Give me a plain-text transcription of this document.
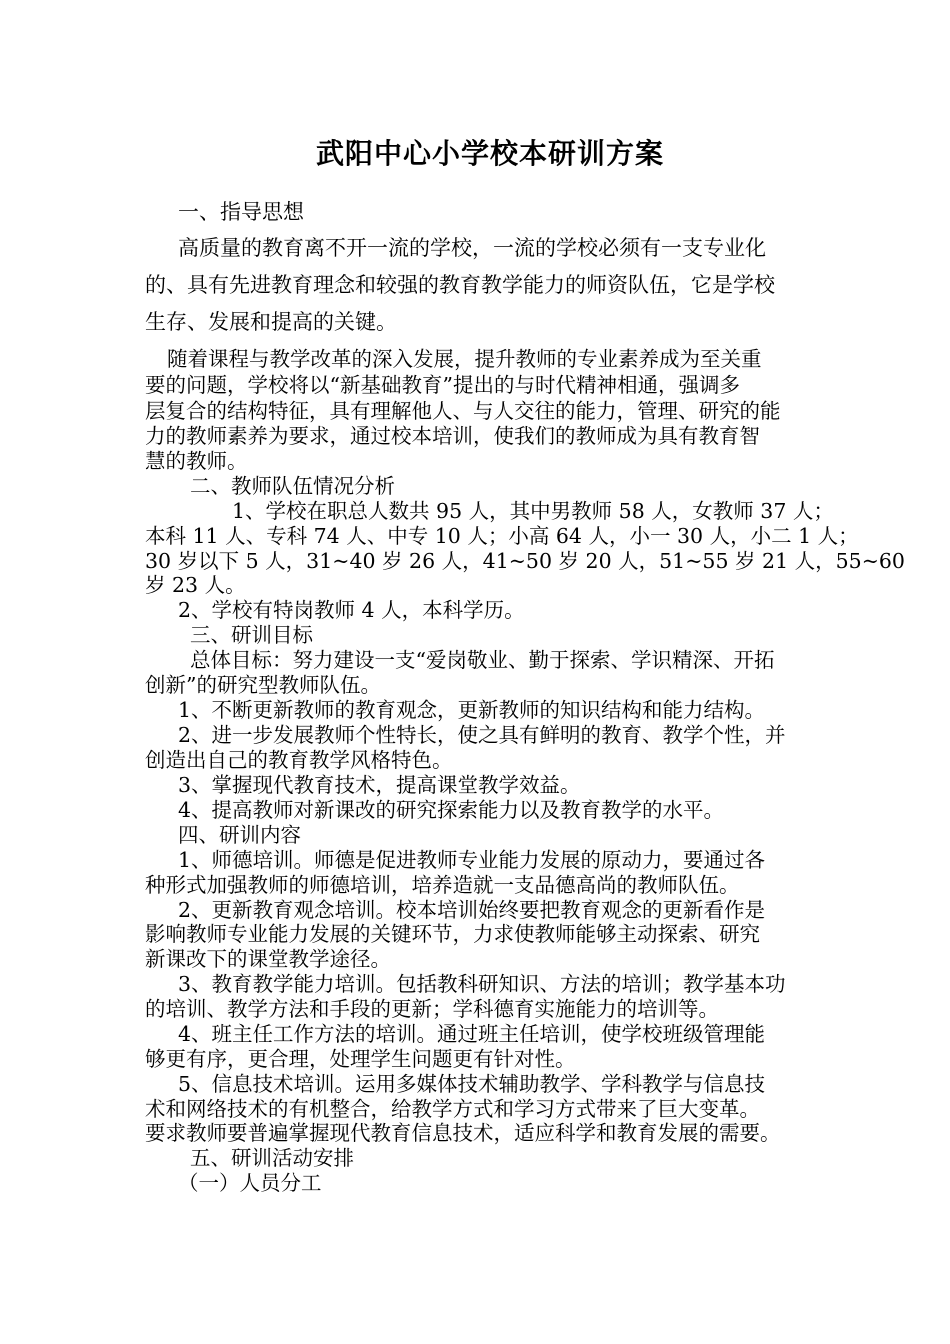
武阳中心小学校本研训方案
一、指导思想
高质量的教育离不开一流的学校，一流的学校必须有一支专业化
的、具有先进教育理念和较强的教育教学能力的师资队伍，它是学校
生存、发展和提高的关键。
随着课程与教学改革的深入发展，提升教师的专业素养成为至关重
要的问题，学校将以“新基础教育”提出的与时代精神相通，强调多
层复合的结构特征，具有理解他人、与人交往的能力，管理、研究的能
力的教师素养为要求，通过校本培训，使我们的教师成为具有教育智
慧的教师。
二、教师队伍情况分析
1、学校在职总人数共 95 人，其中男教师 58 人，女教师 37 人；
本科 11 人、专科 74 人、中专 10 人；小高 64 人，小一 30 人，小二 1 人；
30 岁以下 5 人，31~40 岁 26 人，41~50 岁 20 人，51~55 岁 21 人，55~60
岁 23 人。
2、学校有特岗教师 4 人，本科学历。
三、研训目标
总体目标：努力建设一支“爱岗敬业、勤于探索、学识精深、开拓
创新”的研究型教师队伍。
1、不断更新教师的教育观念，更新教师的知识结构和能力结构。
2、进一步发展教师个性特长，使之具有鲜明的教育、教学个性，并
创造出自己的教育教学风格特色。
3、掌握现代教育技术，提高课堂教学效益。
4、提高教师对新课改的研究探索能力以及教育教学的水平。
四、研训内容
1、师德培训。师德是促进教师专业能力发展的原动力，要通过各
种形式加强教师的师德培训，培养造就一支品德高尚的教师队伍。
2、更新教育观念培训。校本培训始终要把教育观念的更新看作是
影响教师专业能力发展的关键环节，力求使教师能够主动探索、研究
新课改下的课堂教学途径。
3、教育教学能力培训。包括教科研知识、方法的培训；教学基本功
的培训、教学方法和手段的更新；学科德育实施能力的培训等。
4、班主任工作方法的培训。通过班主任培训，使学校班级管理能
够更有序，更合理，处理学生问题更有针对性。
5、信息技术培训。运用多媒体技术辅助教学、学科教学与信息技
术和网络技术的有机整合，给教学方式和学习方式带来了巨大变革。
要求教师要普遍掌握现代教育信息技术，适应科学和教育发展的需要。
五、研训活动安排
（一）人员分工
